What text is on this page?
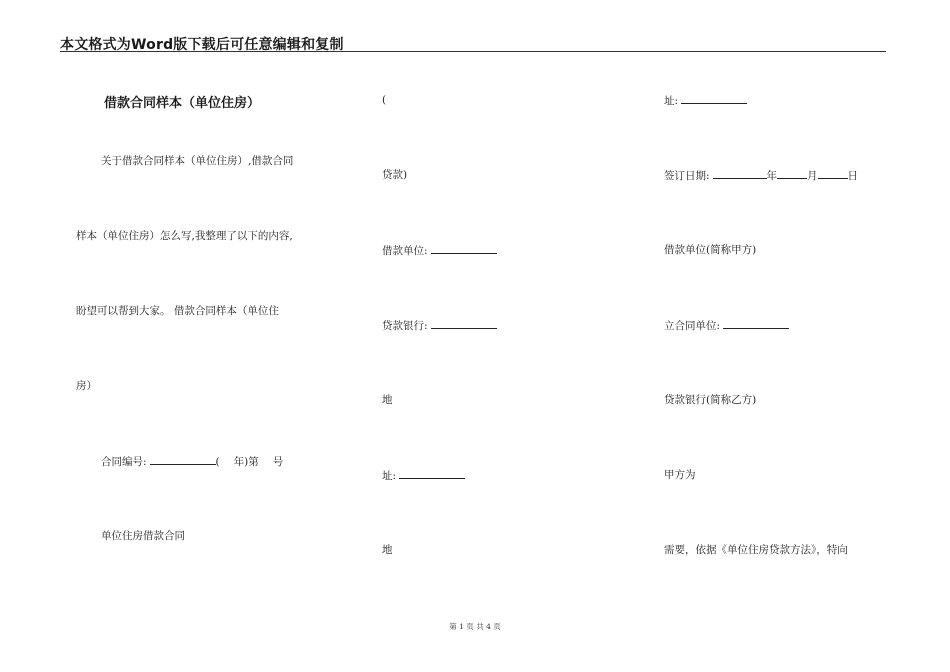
本文格式为Word版下载后可任意编辑和复制
借款合同样本（单位住房）
关于借款合同样本（单位住房）,借款合同
样本（单位住房）怎么写,我整理了以下的内容,
盼望可以帮到大家。 借款合同样本（单位住
房）
合同编号:	( 年)第 号
单位住房借款合同
(
贷款)
借款单位:
贷款银行:
地
址:
地
址:
签订日期:	年	月	日
借款单位(简称甲方)
立合同单位:
贷款银行(简称乙方)
甲方为
需要，依据《单位住房贷款方法》，特向
第 1 页 共 4 页
